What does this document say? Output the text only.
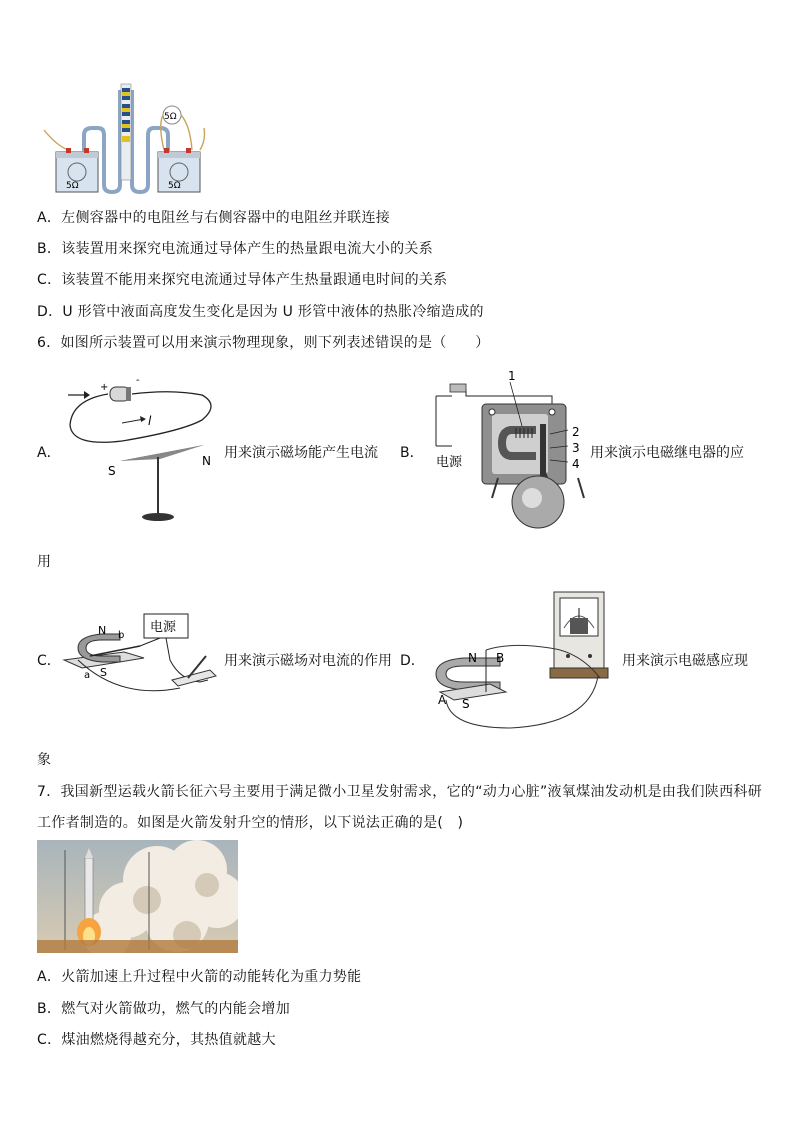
5Ω	5Ω
5Ω
A．左侧容器中的电阻丝与右侧容器中的电阻丝并联连接
B．该装置用来探究电流通过导体产生的热量跟电流大小的关系
C．该装置不能用来探究电流通过导体产生热量跟通电时间的关系
D．U 形管中液面高度发生变化是因为 U 形管中液体的热胀冷缩造成的
6．如图所示装置可以用来演示物理现象，则下列表述错误的是（　　）
A．
+
-
l
S
N 用来演示磁场能产生电流 B．
1
2
3
4
电源
用来演示电磁继电器的应
用
C．
电源
N b
a S
用来演示磁场对电流的作用 D．	N B
A S
用来演示电磁感应现
象
7．我国新型运载火箭长征六号主要用于满足微小卫星发射需求，它的“动力心脏”液氧煤油发动机是由我们陕西科研
工作者制造的。如图是火箭发射升空的情形，以下说法正确的是(　)
A．火箭加速上升过程中火箭的动能转化为重力势能
B．燃气对火箭做功，燃气的内能会增加
C．煤油燃烧得越充分，其热值就越大
